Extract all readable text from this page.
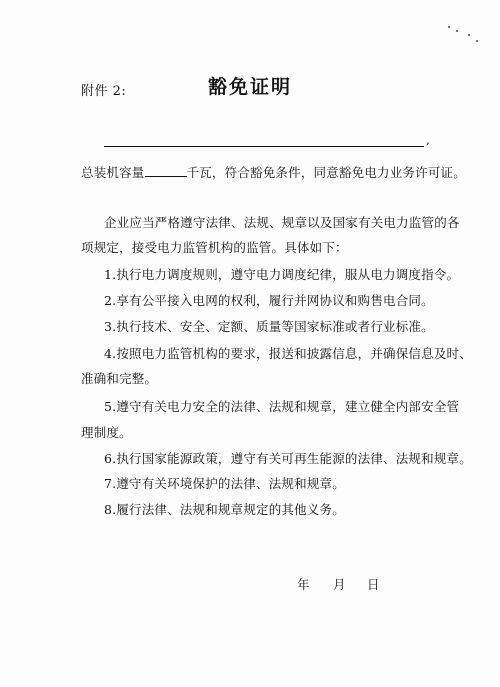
附件 2:	豁免证明
,
总装机容量	千瓦，符合豁免条件，同意豁免电力业务许可证。
企业应当严格遵守法律、法规、规章以及国家有关电力监管的各
项规定，接受电力监管机构的监管。具体如下：
1.执行电力调度规则，遵守电力调度纪律，服从电力调度指令。
2.享有公平接入电网的权利，履行并网协议和购售电合同。
3.执行技术、安全、定额、质量等国家标准或者行业标准。
4.按照电力监管机构的要求，报送和披露信息，并确保信息及时、
准确和完整。
5.遵守有关电力安全的法律、法规和规章，建立健全内部安全管
理制度。
6.执行国家能源政策，遵守有关可再生能源的法律、法规和规章。
7.遵守有关环境保护的法律、法规和规章。
8.履行法律、法规和规章规定的其他义务。
年 月 日
